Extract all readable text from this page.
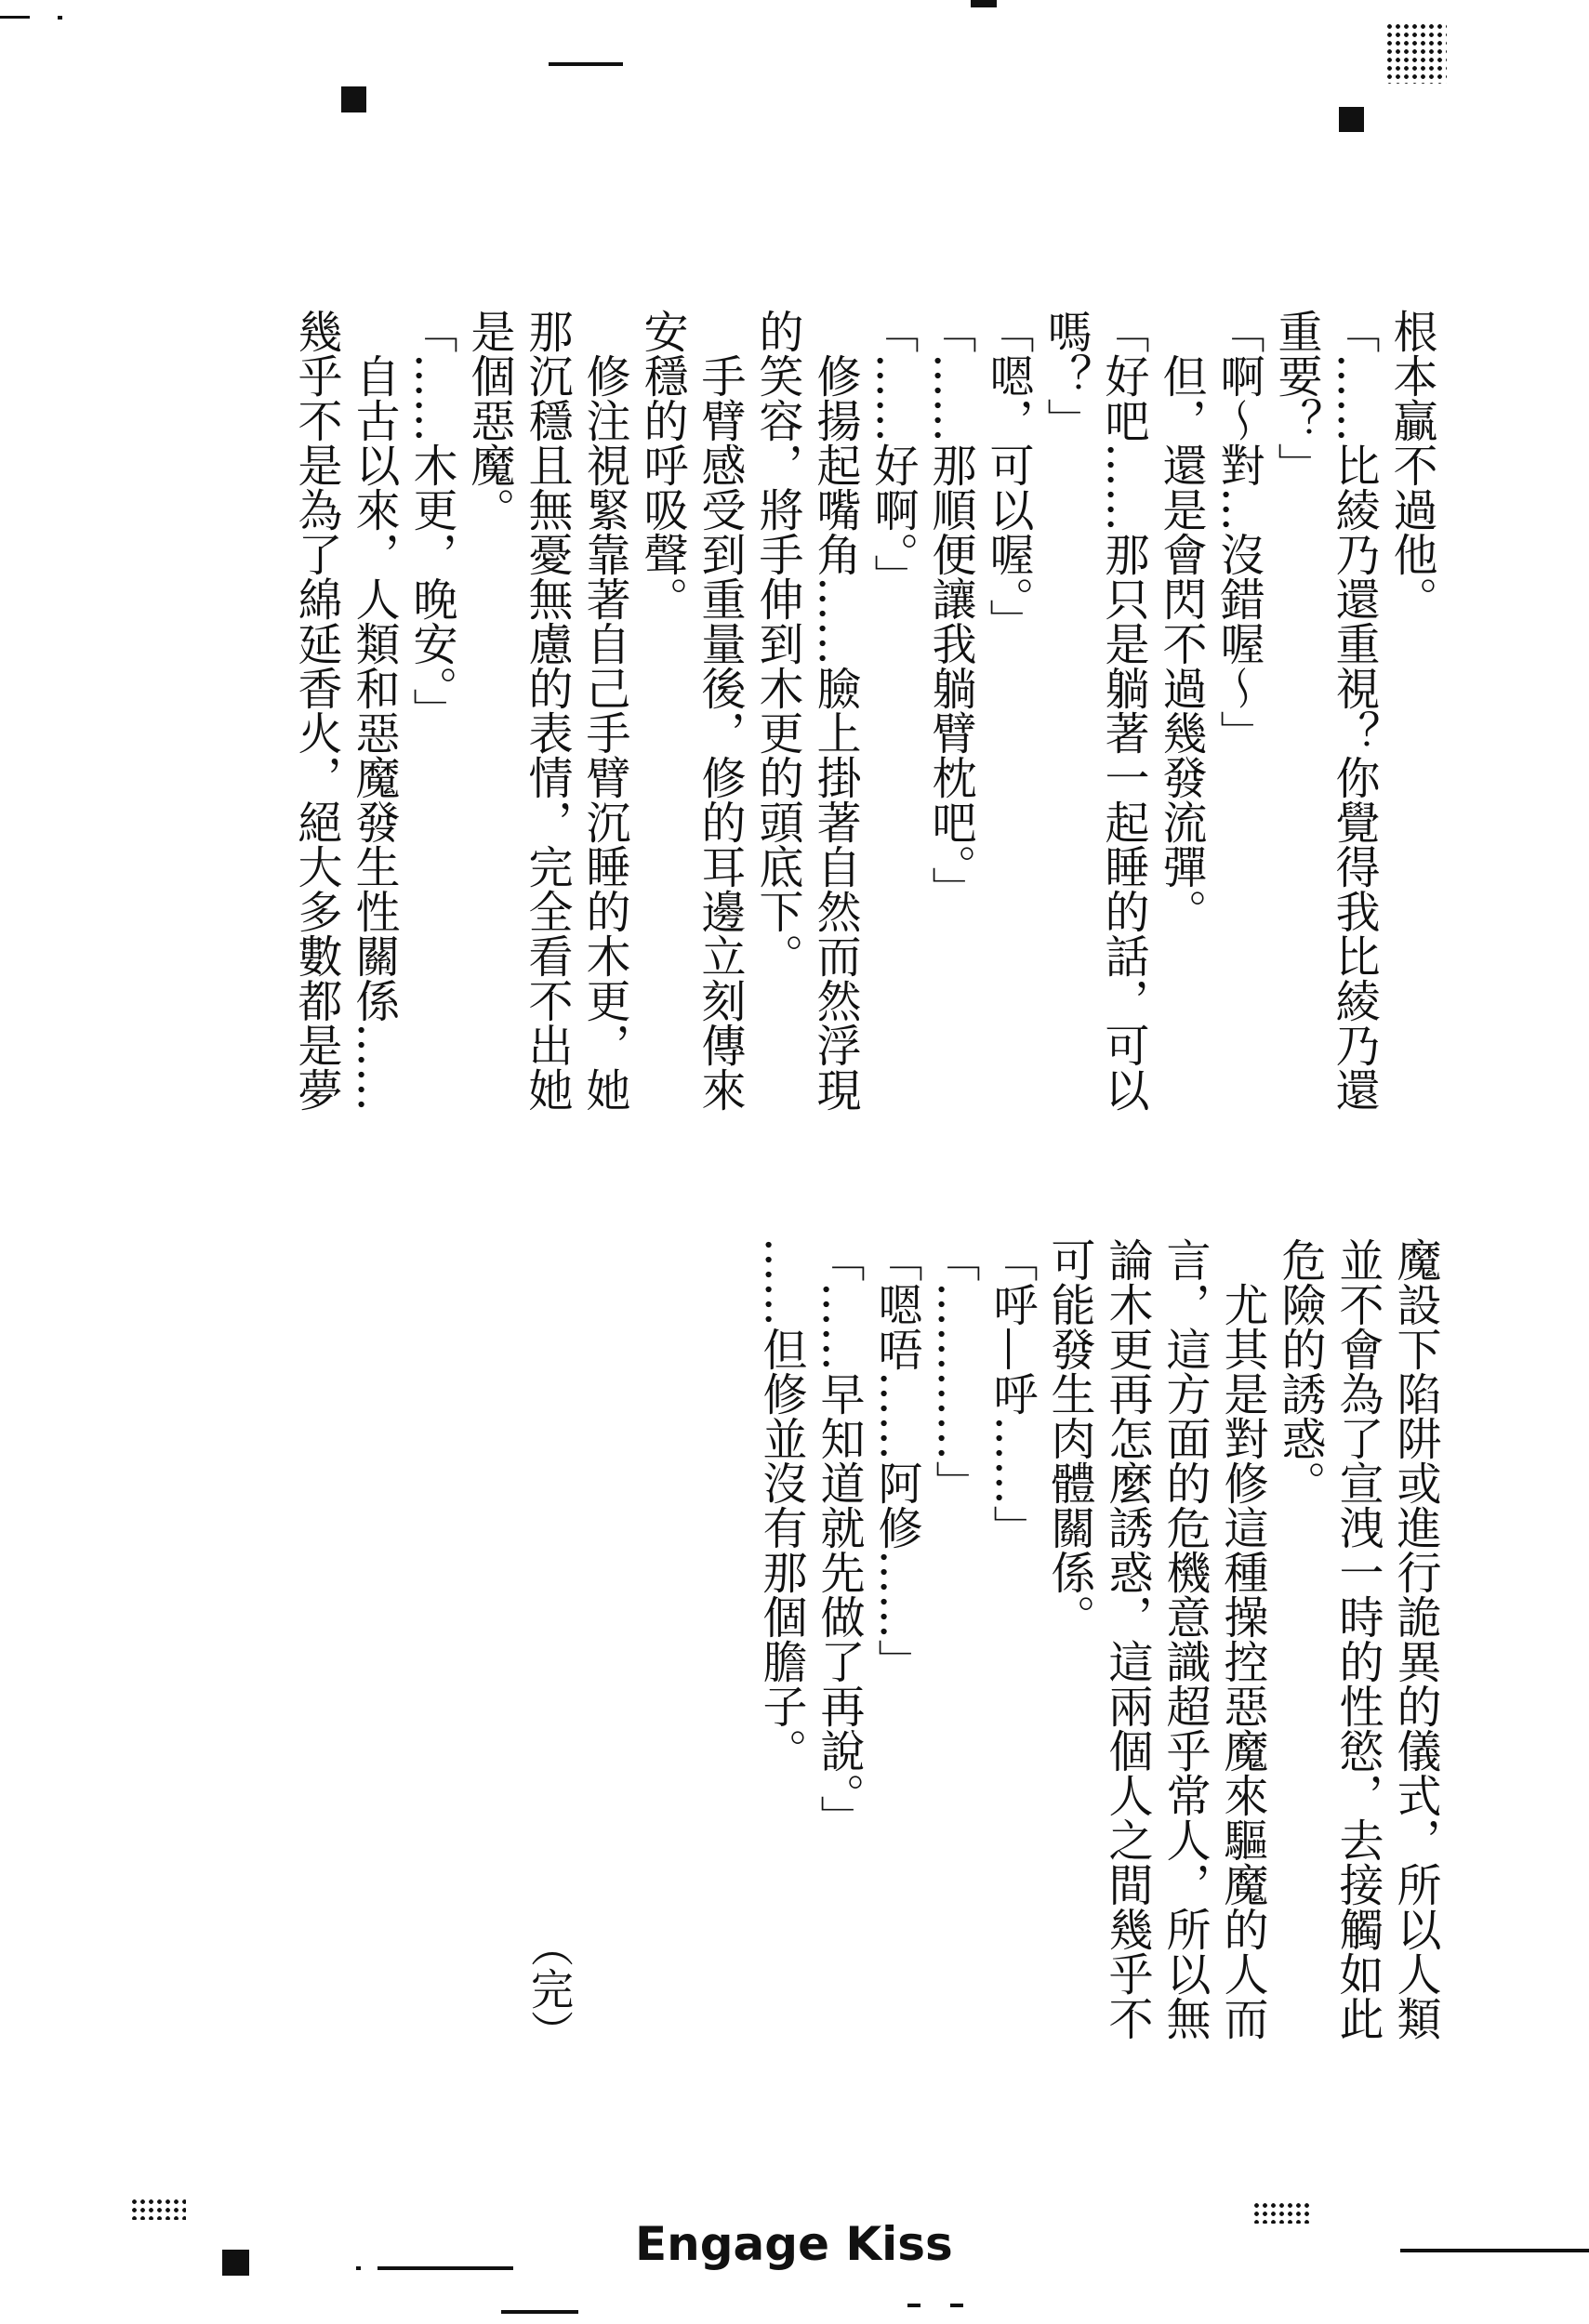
根本贏不過他。
「……比綾乃還重視？你覺得我比綾乃還
重要？」
「啊～對…沒錯喔～」
　但，還是會閃不過幾發流彈。
「好吧……那只是躺著一起睡的話，可以
嗎？」
「嗯，可以喔。」
「……那順便讓我躺臂枕吧。」
「……好啊。」
　修揚起嘴角……臉上掛著自然而然浮現
的笑容，將手伸到木更的頭底下。
　手臂感受到重量後，修的耳邊立刻傳來
安穩的呼吸聲。
　修注視緊靠著自己手臂沉睡的木更，她
那沉穩且無憂無慮的表情，完全看不出她
是個惡魔。
「……木更，晚安。」
　自古以來，人類和惡魔發生性關係……
幾乎不是為了綿延香火，絕大多數都是夢
魔設下陷阱或進行詭異的儀式，所以人類
並不會為了宣洩一時的性慾，去接觸如此
危險的誘惑。
　尤其是對修這種操控惡魔來驅魔的人而
言，這方面的危機意識超乎常人，所以無
論木更再怎麼誘惑，這兩個人之間幾乎不
可能發生肉體關係。
「呼—呼……」
「…………」
「嗯唔……阿修……」
「……早知道就先做了再說。」
……但修並沒有那個膽子。
（完）
Engage Kiss
